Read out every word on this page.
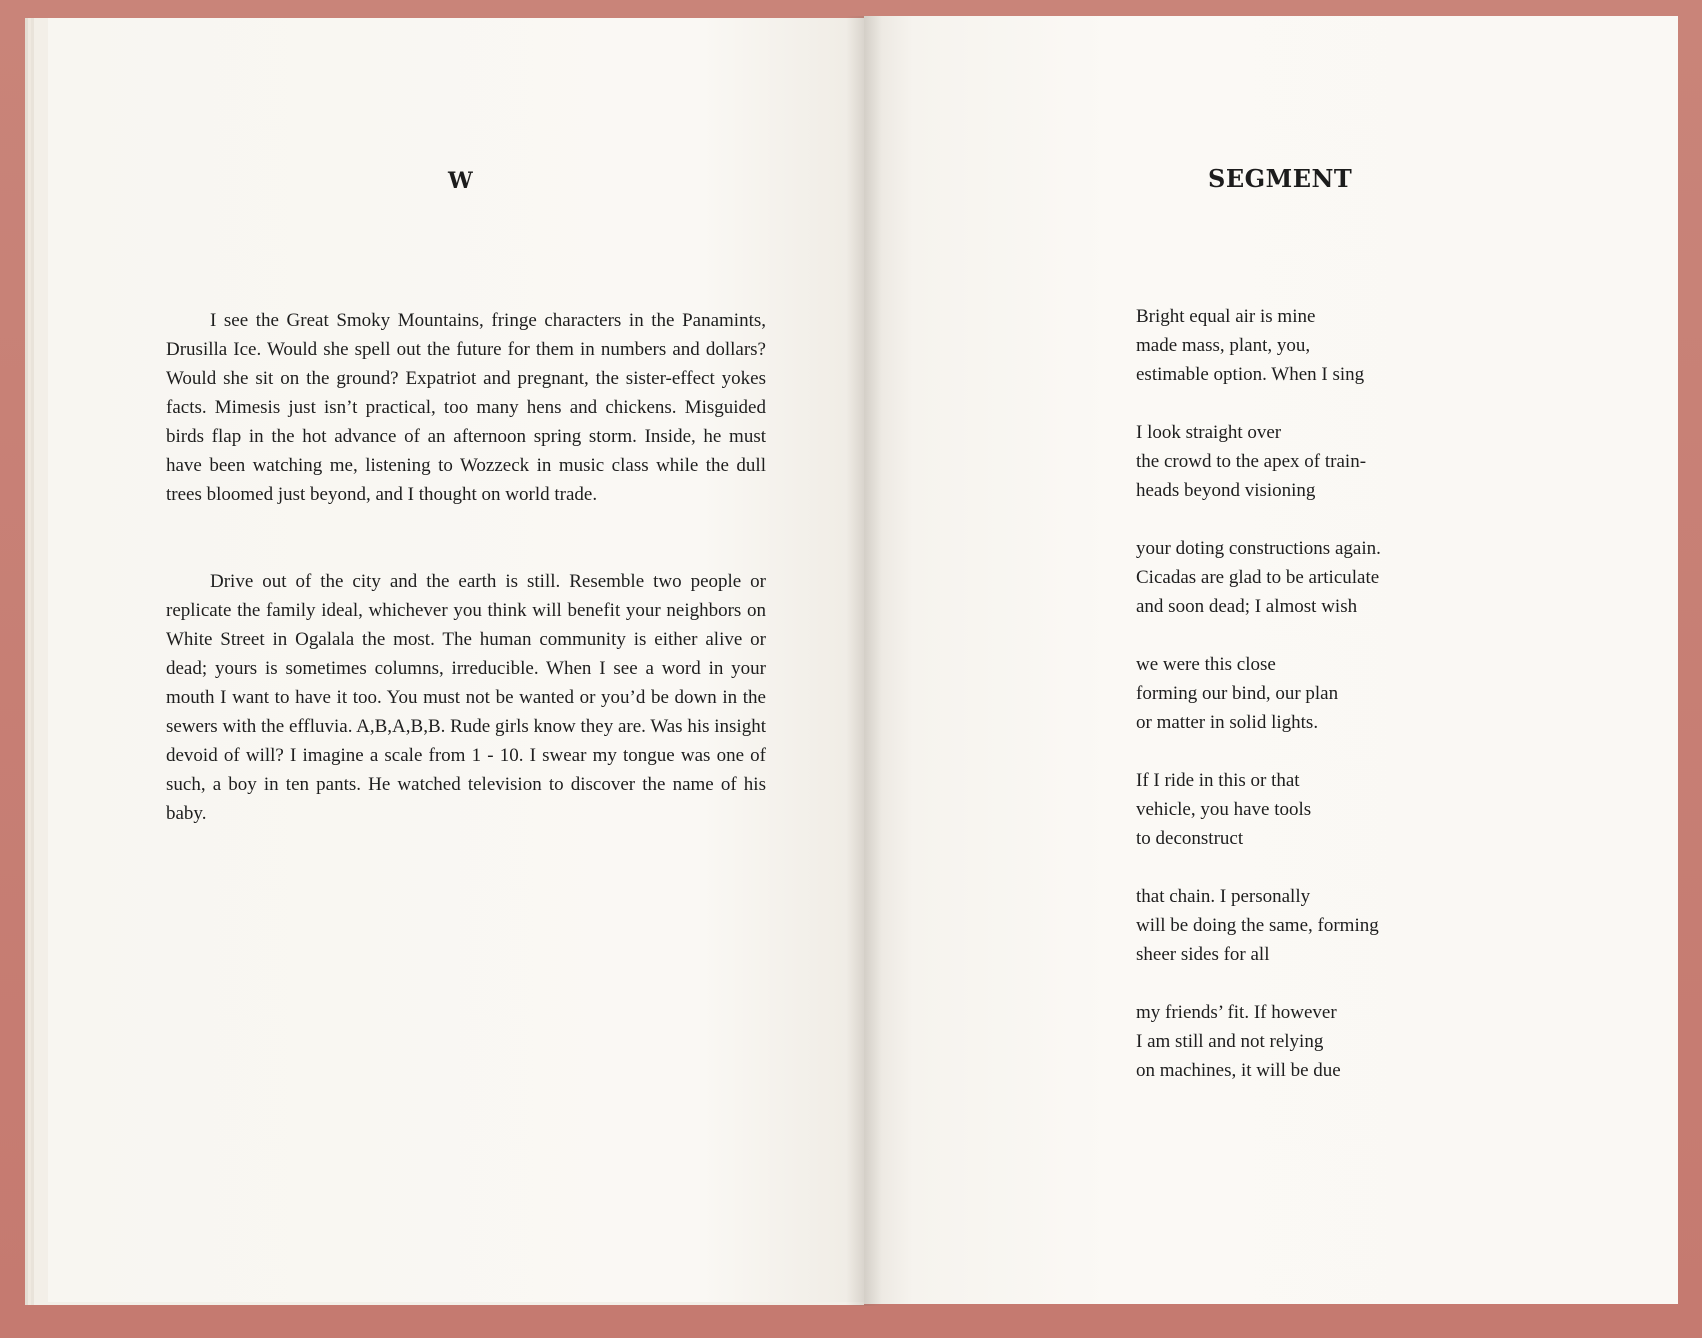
W

I see the Great Smoky Mountains, fringe characters in the Panamints, Drusilla Ice. Would she spell out the future for them in numbers and dollars? Would she sit on the ground? Expatriot and pregnant, the sister-effect yokes facts. Mimesis just isn’t practical, too many hens and chickens. Misguided birds flap in the hot advance of an afternoon spring storm. Inside, he must have been watching me, listening to Wozzeck in music class while the dull trees bloomed just beyond, and I thought on world trade.

Drive out of the city and the earth is still. Resemble two people or replicate the family ideal, whichever you think will benefit your neighbors on White Street in Ogalala the most. The human community is either alive or dead; yours is sometimes columns, irreducible. When I see a word in your mouth I want to have it too. You must not be wanted or you’d be down in the sewers with the effluvia. A,B,A,B,B. Rude girls know they are. Was his insight devoid of will? I imagine a scale from 1 - 10. I swear my tongue was one of such, a boy in ten pants. He watched television to discover the name of his baby.

SEGMENT
Bright equal air is mine
made mass, plant, you,
estimable option. When I sing
I look straight over
the crowd to the apex of train-
heads beyond visioning
your doting constructions again.
Cicadas are glad to be articulate
and soon dead; I almost wish
we were this close
forming our bind, our plan
or matter in solid lights.
If I ride in this or that
vehicle, you have tools
to deconstruct
that chain. I personally
will be doing the same, forming
sheer sides for all
my friends’ fit. If however
I am still and not relying
on machines, it will be due
